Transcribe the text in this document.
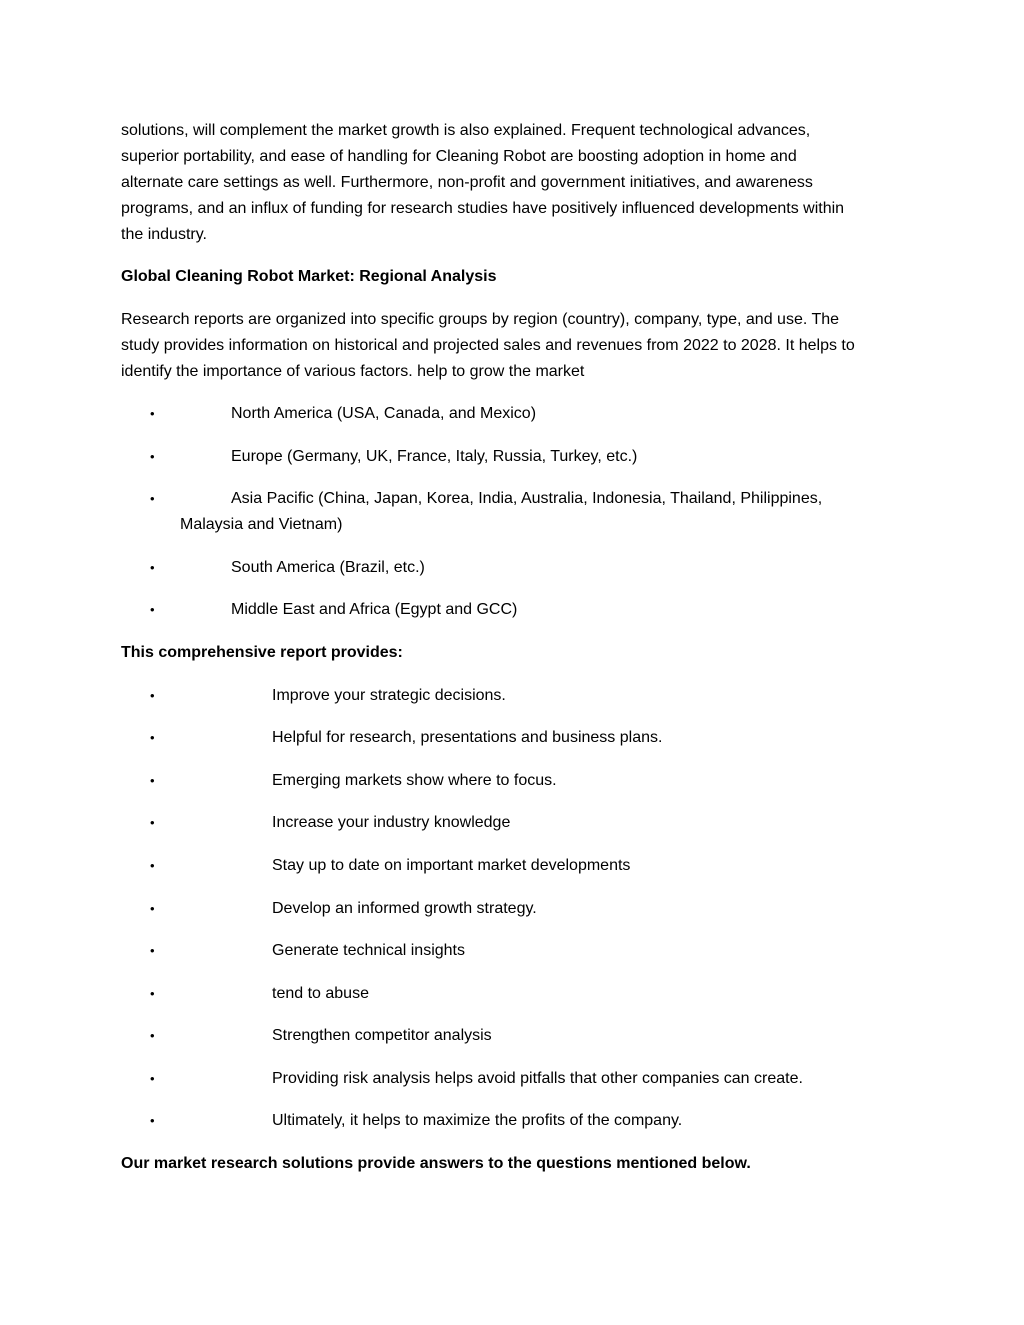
solutions, will complement the market growth is also explained. Frequent technological advances,
superior portability, and ease of handling for Cleaning Robot are boosting adoption in home and
alternate care settings as well. Furthermore, non-profit and government initiatives, and awareness
programs, and an influx of funding for research studies have positively influenced developments within
the industry.

Global Cleaning Robot Market: Regional Analysis

Research reports are organized into specific groups by region (country), company, type, and use. The
study provides information on historical and projected sales and revenues from 2022 to 2028. It helps to
identify the importance of various factors. help to grow the market

•	North America (USA, Canada, and Mexico)

•	Europe (Germany, UK, France, Italy, Russia, Turkey, etc.)

•	Asia Pacific (China, Japan, Korea, India, Australia, Indonesia, Thailand, Philippines,

Malaysia and Vietnam)

•	South America (Brazil, etc.)

•	Middle East and Africa (Egypt and GCC)

This comprehensive report provides:

•	Improve your strategic decisions.

•	Helpful for research, presentations and business plans.

•	Emerging markets show where to focus.

•	Increase your industry knowledge

•	Stay up to date on important market developments

•	Develop an informed growth strategy.

•	Generate technical insights

•	tend to abuse

•	Strengthen competitor analysis

•	Providing risk analysis helps avoid pitfalls that other companies can create.

•	Ultimately, it helps to maximize the profits of the company.

Our market research solutions provide answers to the questions mentioned below.
